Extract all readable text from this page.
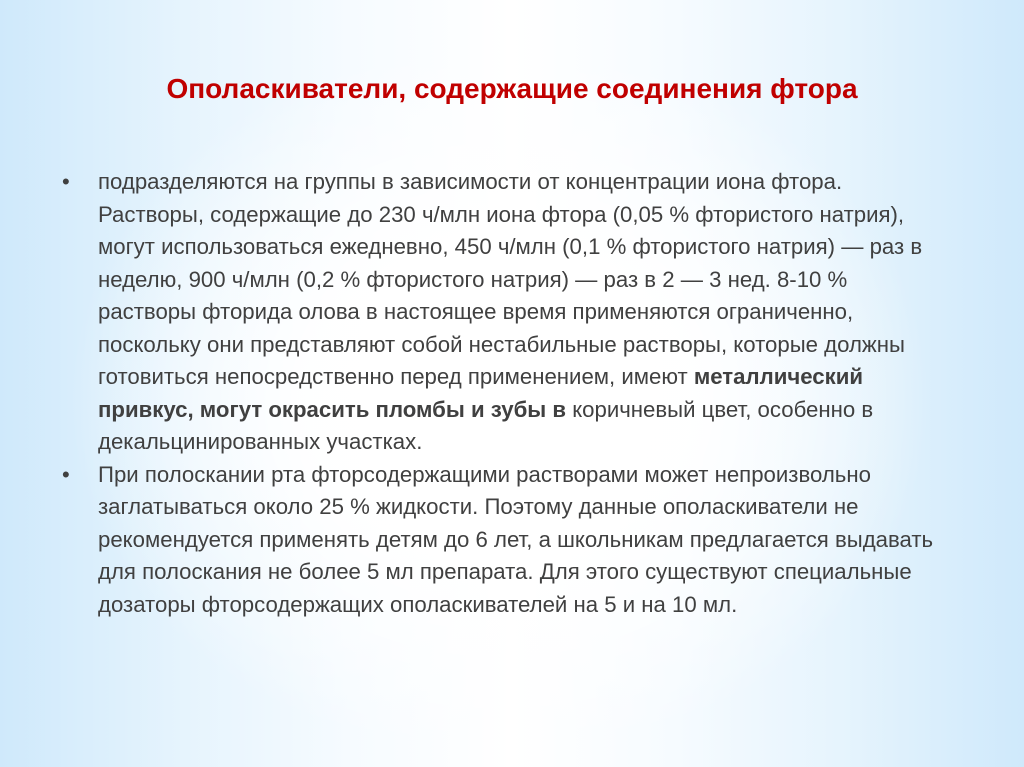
Ополаскиватели, содержащие соединения фтора
• подразделяются на группы в зависимости от концентрации иона фтора. Растворы, содержащие до 230 ч/млн иона фтора (0,05 % фтористого натрия), могут использоваться ежедневно, 450 ч/млн (0,1 % фтористого натрия) — раз в неделю, 900 ч/млн (0,2 % фтористого натрия) — раз в 2 — 3 нед. 8-10 % растворы фторида олова в настоящее время применяются ограниченно, поскольку они представляют собой нестабильные растворы, которые должны готовиться непосредственно перед применением, имеют металлический привкус, могут окрасить пломбы и зубы в коричневый цвет, особенно в декальцинированных участках.
• При полоскании рта фторсодержащими растворами может непроизвольно заглатываться около 25 % жидкости. Поэтому данные ополаскиватели не рекомендуется применять детям до 6 лет, а школьникам предлагается выдавать для полоскания не более 5 мл препарата. Для этого существуют специальные дозаторы фторсодержащих ополаскивателей на 5 и на 10 мл.
